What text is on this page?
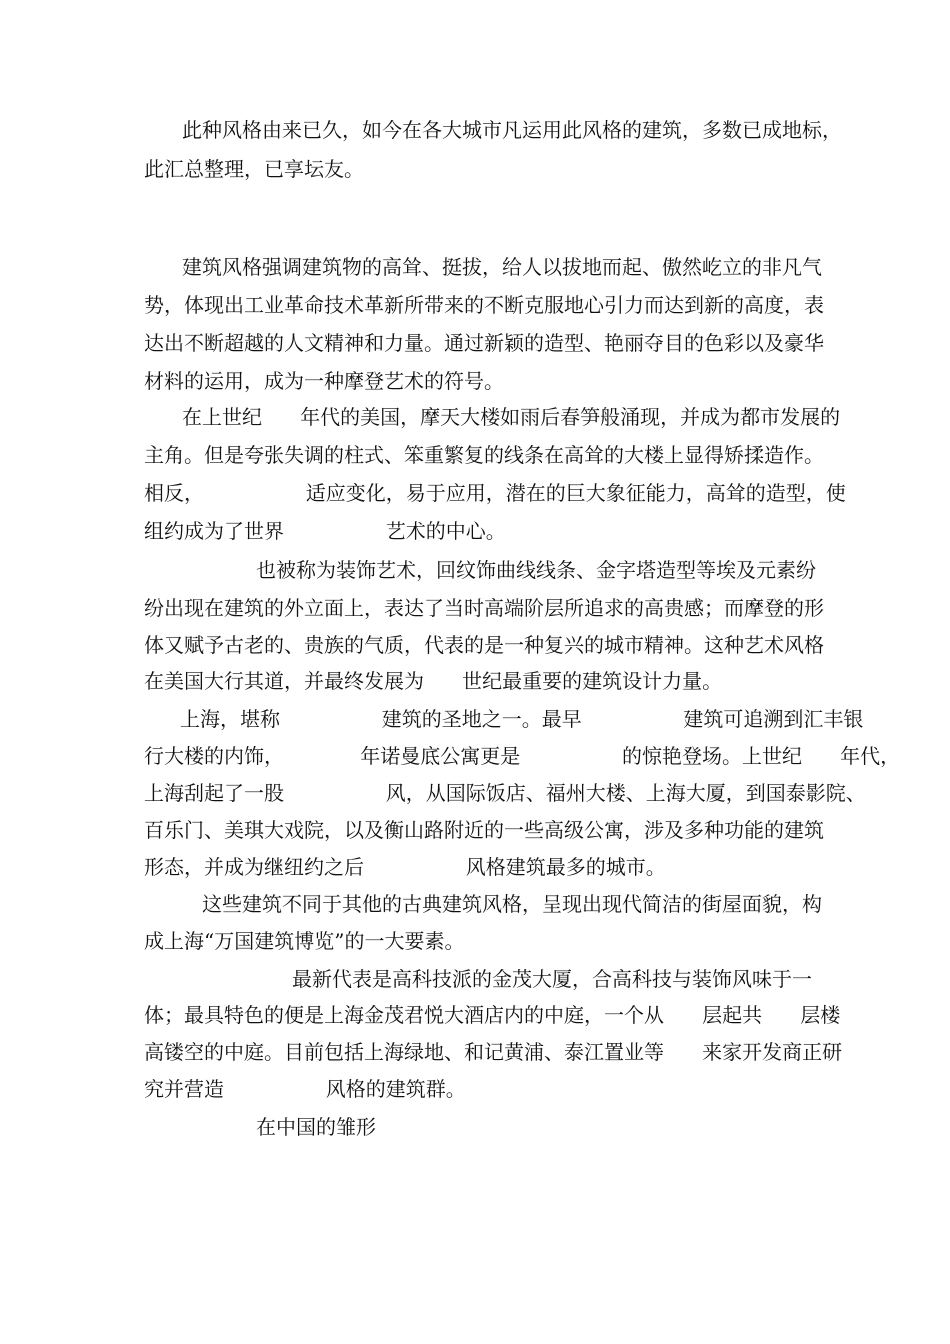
此种风格由来已久，如今在各大城市凡运用此风格的建筑，多数已成地标，
此汇总整理，已享坛友。
建筑风格强调建筑物的高耸、挺拔，给人以拔地而起、傲然屹立的非凡气
势，体现出工业革命技术革新所带来的不断克服地心引力而达到新的高度，表
达出不断超越的人文精神和力量。通过新颖的造型、艳丽夺目的色彩以及豪华
材料的运用，成为一种摩登艺术的符号。
在上世纪      年代的美国，摩天大楼如雨后春笋般涌现，并成为都市发展的
主角。但是夸张失调的柱式、笨重繁复的线条在高耸的大楼上显得矫揉造作。
相反，                适应变化，易于应用，潜在的巨大象征能力，高耸的造型，使
组约成为了世界                艺术的中心。
也被称为装饰艺术，回纹饰曲线线条、金字塔造型等埃及元素纷
纷出现在建筑的外立面上，表达了当时高端阶层所追求的高贵感；而摩登的形
体又赋予古老的、贵族的气质，代表的是一种复兴的城市精神。这种艺术风格
在美国大行其道，并最终发展为      世纪最重要的建筑设计力量。
上海，堪称                建筑的圣地之一。最早                建筑可追溯到汇丰银
行大楼的内饰，            年诺曼底公寓更是                的惊艳登场。上世纪      年代，
上海刮起了一股                风，从国际饭店、福州大楼、上海大厦，到国泰影院、
百乐门、美琪大戏院，以及衡山路附近的一些高级公寓，涉及多种功能的建筑
形态，并成为继纽约之后                风格建筑最多的城市。
这些建筑不同于其他的古典建筑风格，呈现出现代简洁的街屋面貌，构
成上海“万国建筑博览”的一大要素。
最新代表是高科技派的金茂大厦，合高科技与装饰风味于一
体；最具特色的便是上海金茂君悦大酒店内的中庭，一个从      层起共      层楼
高镂空的中庭。目前包括上海绿地、和记黄浦、泰江置业等      来家开发商正研
究并营造                风格的建筑群。
在中国的雏形
